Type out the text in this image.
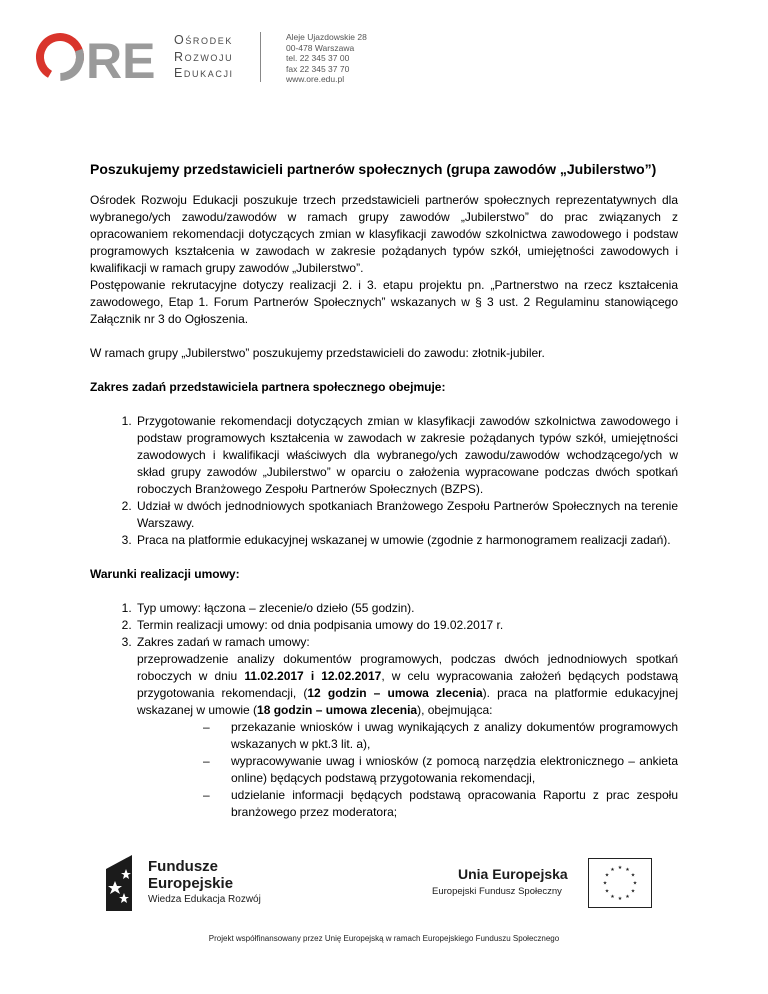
RE Ośrodek
Rozwoju
Edukacji
Aleje Ujazdowskie 28
00-478 Warszawa
tel. 22 345 37 00
fax 22 345 37 70
www.ore.edu.pl
Poszukujemy przedstawicieli partnerów społecznych (grupa zawodów „Jubilerstwo”)

Ośrodek Rozwoju Edukacji poszukuje trzech przedstawicieli partnerów społecznych reprezentatywnych dla wybranego/ych zawodu/zawodów w ramach grupy zawodów „Jubilerstwo” do prac związanych z opracowaniem rekomendacji dotyczących zmian w klasyfikacji zawodów szkolnictwa zawodowego i podstaw programowych kształcenia w zawodach w zakresie pożądanych typów szkół, umiejętności zawodowych i kwalifikacji w ramach grupy zawodów „Jubilerstwo”.

Postępowanie rekrutacyjne dotyczy realizacji 2. i 3. etapu projektu pn. „Partnerstwo na rzecz kształcenia zawodowego, Etap 1. Forum Partnerów Społecznych” wskazanych w § 3 ust. 2 Regulaminu stanowiącego Załącznik nr 3 do Ogłoszenia.

W ramach grupy „Jubilerstwo” poszukujemy przedstawicieli do zawodu: złotnik-jubiler.

Zakres zadań przedstawiciela partnera społecznego obejmuje:

1. Przygotowanie rekomendacji dotyczących zmian w klasyfikacji zawodów szkolnictwa zawodowego i podstaw programowych kształcenia w zawodach w zakresie pożądanych typów szkół, umiejętności zawodowych i kwalifikacji właściwych dla wybranego/ych zawodu/zawodów wchodzącego/ych w skład grupy zawodów „Jubilerstwo” w oparciu o założenia wypracowane podczas dwóch spotkań roboczych Branżowego Zespołu Partnerów Społecznych (BZPS).
2. Udział w dwóch jednodniowych spotkaniach Branżowego Zespołu Partnerów Społecznych na terenie Warszawy.
3. Praca na platformie edukacyjnej wskazanej w umowie (zgodnie z harmonogramem realizacji zadań).

Warunki realizacji umowy:

1. Typ umowy: łączona – zlecenie/o dzieło (55 godzin).
2. Termin realizacji umowy: od dnia podpisania umowy do 19.02.2017 r.
3. Zakres zadań w ramach umowy:
przeprowadzenie analizy dokumentów programowych, podczas dwóch jednodniowych spotkań roboczych w dniu 11.02.2017 i 12.02.2017, w celu wypracowania założeń będących podstawą przygotowania rekomendacji, (12 godzin – umowa zlecenia). praca na platformie edukacyjnej wskazanej w umowie (18 godzin – umowa zlecenia), obejmująca:
– przekazanie wniosków i uwag wynikających z analizy dokumentów programowych wskazanych w pkt.3 lit. a),
– wypracowywanie uwag i wniosków (z pomocą narzędzia elektronicznego – ankieta online) będących podstawą przygotowania rekomendacji,
– udzielanie informacji będących podstawą opracowania Raportu z prac zespołu branżowego przez moderatora;
Fundusze
Europejskie
Wiedza Edukacja Rozwój
Unia Europejska
Europejski Fundusz Społeczny
★ ★
★
★
★
★
★
★
★
★
★
★
Projekt współfinansowany przez Unię Europejską w ramach Europejskiego Funduszu Społecznego
